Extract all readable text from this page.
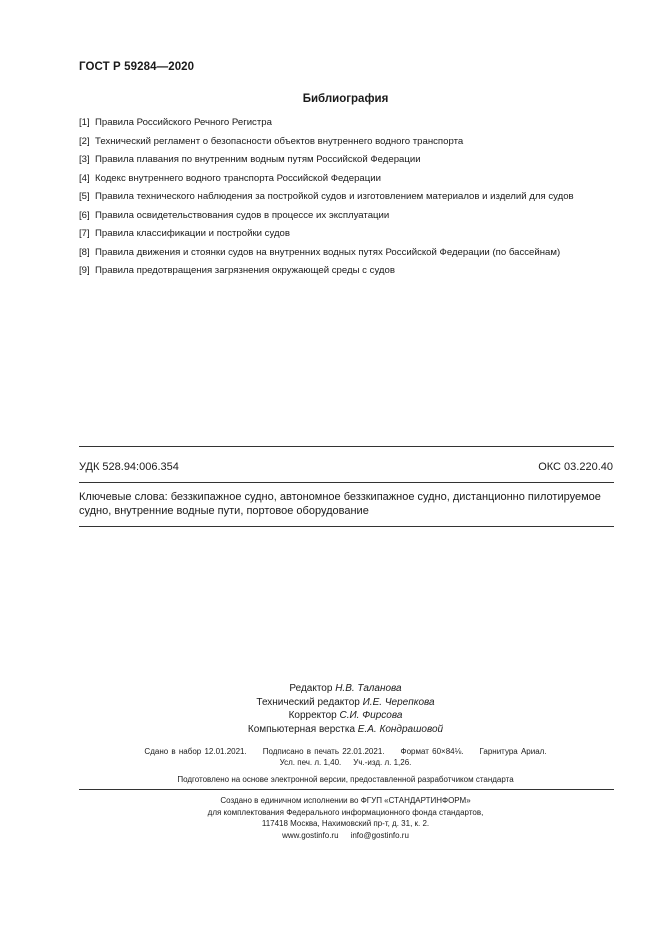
ГОСТ Р 59284—2020
Библиография
[1] Правила Российского Речного Регистра
[2] Технический регламент о безопасности объектов внутреннего водного транспорта
[3] Правила плавания по внутренним водным путям Российской Федерации
[4] Кодекс внутреннего водного транспорта Российской Федерации
[5] Правила технического наблюдения за постройкой судов и изготовлением материалов и изделий для судов
[6] Правила освидетельствования судов в процессе их эксплуатации
[7] Правила классификации и постройки судов
[8] Правила движения и стоянки судов на внутренних водных путях Российской Федерации (по бассейнам)
[9] Правила предотвращения загрязнения окружающей среды с судов
УДК 528.94:006.354	ОКС 03.220.40
Ключевые слова: беззкипажное судно, автономное беззкипажное судно, дистанционно пилотируемое судно, внутренние водные пути, портовое оборудование
Редактор Н.В. Таланова
Технический редактор И.Е. Черепкова
Корректор С.И. Фирсова
Компьютерная верстка Е.А. Кондрашовой
Сдано в набор 12.01.2021. Подписано в печать 22.01.2021. Формат 60×84⅛. Гарнитура Ариал.
Усл. печ. л. 1,40. Уч.-изд. л. 1,26.
Подготовлено на основе электронной версии, предоставленной разработчиком стандарта
Создано в единичном исполнении во ФГУП «СТАНДАРТИНФОРМ»
для комплектования Федерального информационного фонда стандартов,
117418 Москва, Нахимовский пр-т, д. 31, к. 2.
www.gostinfo.ru info@gostinfo.ru
